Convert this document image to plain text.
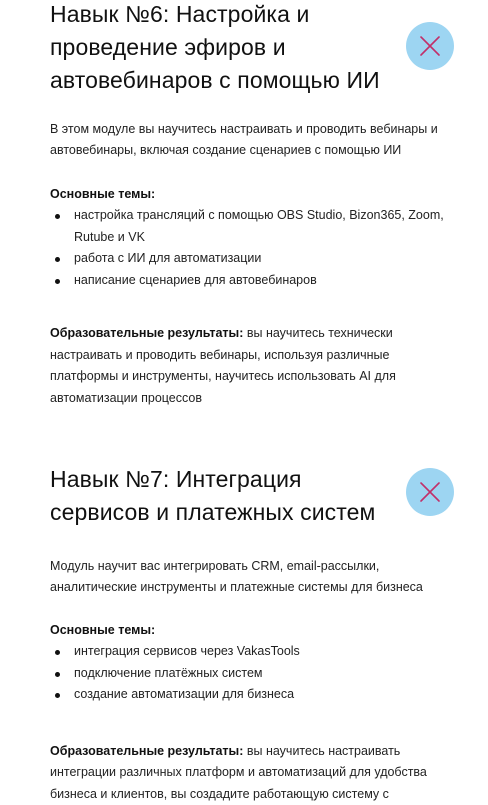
Навык №6: Настройка и проведение эфиров и автовебинаров с помощью ИИ

В этом модуле вы научитесь настраивать и проводить вебинары и автовебинары, включая создание сценариев с помощью ИИ

Основные темы:

настройка трансляций с помощью OBS Studio, Bizon365, Zoom, Rutube и VK
работа с ИИ для автоматизации
написание сценариев для автовебинаров

Образовательные результаты: вы научитесь технически настраивать и проводить вебинары, используя различные платформы и инструменты, научитесь использовать AI для автоматизации процессов

Навык №7: Интеграция сервисов и платежных систем

Модуль научит вас интегрировать CRM, email-рассылки, аналитические инструменты и платежные системы для бизнеса

Основные темы:

интеграция сервисов через VakasTools
подключение платёжных систем
создание автоматизации для бизнеса

Образовательные результаты: вы научитесь настраивать интеграции различных платформ и автоматизаций для удобства бизнеса и клиентов, вы создадите работающую систему с
